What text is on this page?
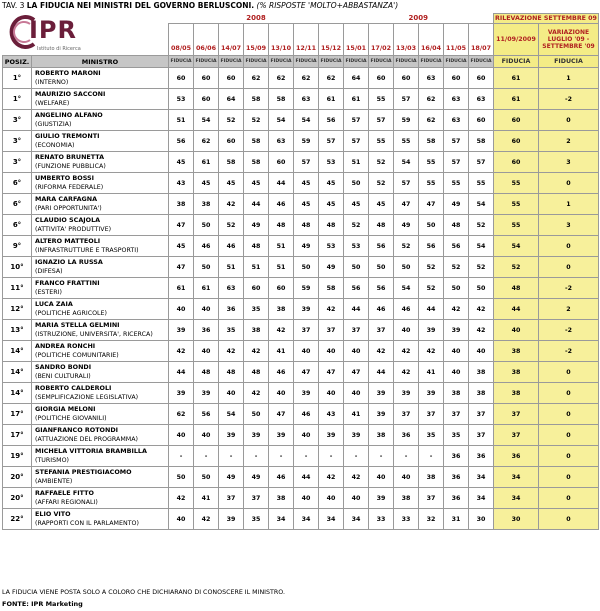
TAV. 3 LA FIDUCIA NEI MINISTRI DEL GOVERNO BERLUSCONI. (% RISPOSTE 'MOLTO+ABBASTANZA')
		2008							2009						RILEVAZIONE SETTEMBRE 09	
		08/05	06/06	14/07	15/09	13/10	12/11	15/12	15/01	17/02	13/03	16/04	11/05	18/07	11/09/2009	VARIAZIONE LUGLIO '09 - SETTEMBRE '09
POSIZ.	MINISTRO	FIDUCIA	FIDUCIA	FIDUCIA	FIDUCIA	FIDUCIA	FIDUCIA	FIDUCIA	FIDUCIA	FIDUCIA	FIDUCIA	FIDUCIA	FIDUCIA	FIDUCIA	FIDUCIA	FIDUCIA
1°	ROBERTO MARONI
(INTERNO)	60	60	60	62	62	62	62	64	60	60	63	60	60	61	1
1°	MAURIZIO SACCONI
(WELFARE)	53	60	64	58	58	63	61	61	55	57	62	63	63	61	-2
3°	ANGELINO ALFANO
(GIUSTIZIA)	51	54	52	52	54	54	56	57	57	59	62	63	60	60	0
3°	GIULIO TREMONTI
(ECONOMIA)	56	62	60	58	63	59	57	57	55	55	58	57	58	60	2
3°	RENATO BRUNETTA
(FUNZIONE PUBBLICA)	45	61	58	58	60	57	53	51	52	54	55	57	57	60	3
6°	UMBERTO BOSSI
(RIFORMA FEDERALE)	43	45	45	45	44	45	45	50	52	57	55	55	55	55	0
6°	MARA CARFAGNA
(PARI OPPORTUNITA')	38	38	42	44	46	45	45	45	45	47	47	49	54	55	1
6°	CLAUDIO SCAJOLA
(ATTIVITA' PRODUTTIVE)	47	50	52	49	48	48	48	52	48	49	50	48	52	55	3
9°	ALTERO MATTEOLI
(INFRASTRUTTURE E TRASPORTI)	45	46	46	48	51	49	53	53	56	52	56	56	54	54	0
10°	IGNAZIO LA RUSSA
(DIFESA)	47	50	51	51	51	50	49	50	50	50	52	52	52	52	0
11°	FRANCO FRATTINI
(ESTERI)	61	61	63	60	60	59	58	56	56	54	52	50	50	48	-2
12°	LUCA ZAIA
(POLITICHE AGRICOLE)	40	40	36	35	38	39	42	44	46	46	44	42	42	44	2
13°	MARIA STELLA GELMINI
(ISTRUZIONE, UNIVERSITA', RICERCA)	39	36	35	38	42	37	37	37	37	40	39	39	42	40	-2
14°	ANDREA RONCHI
(POLITICHE COMUNITARIE)	42	40	42	42	41	40	40	40	42	42	42	40	40	38	-2
14°	SANDRO BONDI
(BENI CULTURALI)	44	48	48	48	46	47	47	47	44	42	41	40	38	38	0
14°	ROBERTO CALDEROLI
(SEMPLIFICAZIONE LEGISLATIVA)	39	39	40	42	40	39	40	40	39	39	39	38	38	38	0
17°	GIORGIA MELONI
(POLITICHE GIOVANILI)	62	56	54	50	47	46	43	41	39	37	37	37	37	37	0
17°	GIANFRANCO ROTONDI
(ATTUAZIONE DEL PROGRAMMA)	40	40	39	39	39	40	39	39	38	36	35	35	37	37	0
19°	MICHELA VITTORIA BRAMBILLA
(TURISMO)	-	-	-	-	-	-	-	-	-	-	-	36	36	36	0
20°	STEFANIA PRESTIGIACOMO
(AMBIENTE)	50	50	49	49	46	44	42	42	40	40	38	36	34	34	0
20°	RAFFAELE FITTO
(AFFARI REGIONALI)	42	41	37	37	38	40	40	40	39	38	37	36	34	34	0
22°	ELIO VITO
(RAPPORTI CON IL PARLAMENTO)	40	42	39	35	34	34	34	34	33	33	32	31	30	30	0
IPR
Istituto di Ricerca
LA FIDUCIA VIENE POSTA SOLO A COLORO CHE DICHIARANO DI CONOSCERE IL MINISTRO.
FONTE: IPR Marketing
